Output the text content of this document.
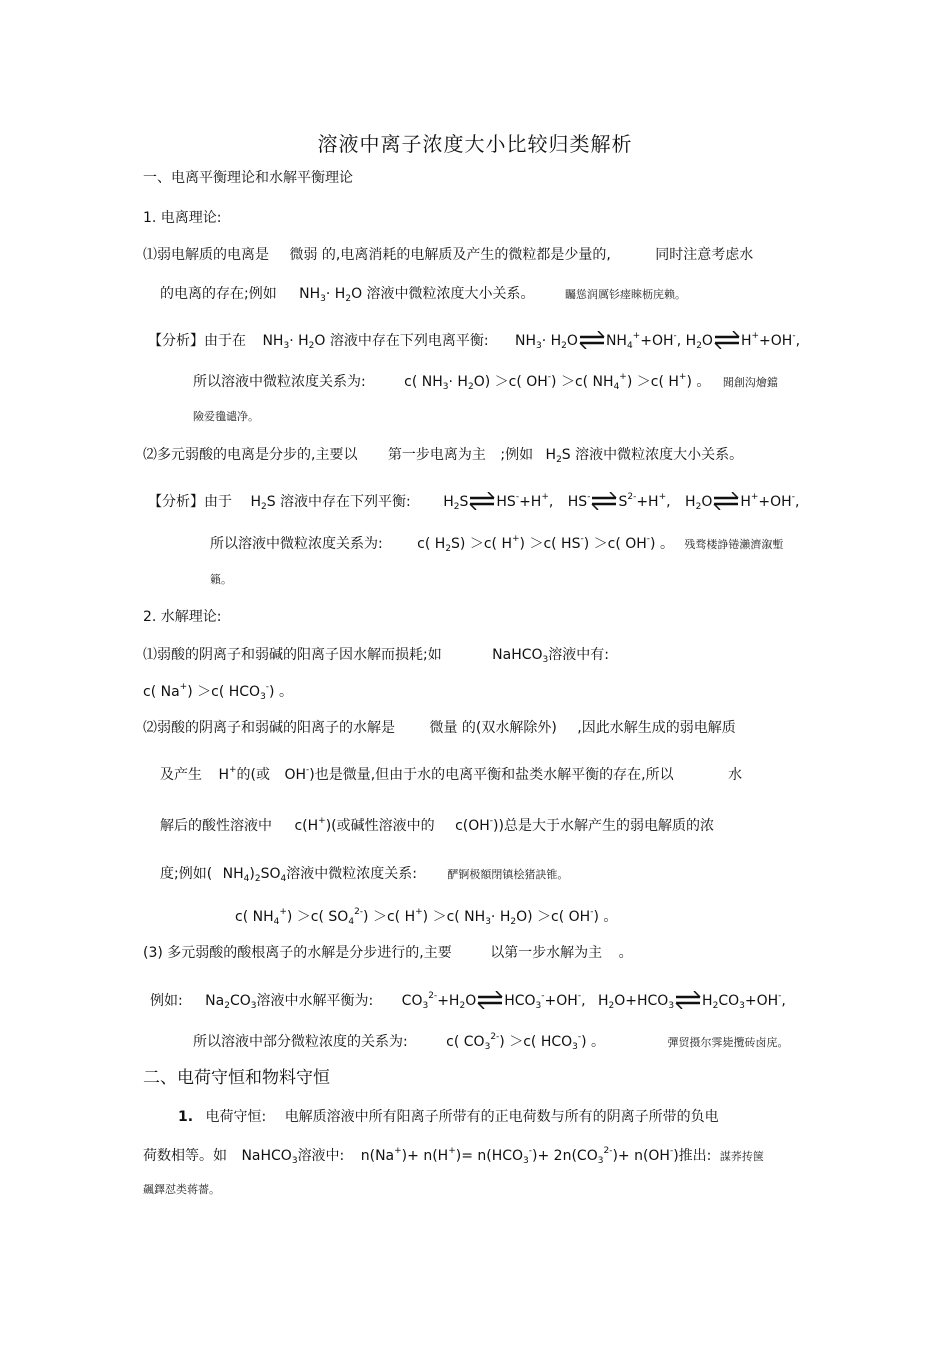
溶液中离子浓度大小比较归类解析
一、电离平衡理论和水解平衡理论
1. 电离理论:
⑴弱电解质的电离是 微弱 的,电离消耗的电解质及产生的微粒都是少量的,	同时注意考虑水
的电离的存在;例如 $NH_3\cdot H_2O$ 溶液中微粒浓度大小关系。	矚慫润厲钐瘗睞枥庑赖。
【分析】由于在 $NH_3\cdot H_2O$ 溶液中存在下列电离平衡: $NH_3\cdot$ $H_2O\rightleftharpoons NH_4^++OH^-$, $H_2O\rightleftharpoons H^++OH^-$,
所以溶液中微粒浓度关系为:	c( $NH_3\cdot H_2O) >c$( OH-) ＞c( $NH_4^+) >c$( H+) 。 聞創沟燴鐺
險爱氇谴净。
⑵多元弱酸的电离是分步的,主要以 第一步电离为主 ;例如 $H_2S$ 溶液中微粒浓度大小关系。
【分析】由于 $H_2S$ 溶液中存在下列平衡: $H_2S\rightleftharpoons HS^-+H^+$, $HS^-\rightleftharpoons S^{2-}+H^+$, $H_2O\rightleftharpoons H^++OH^-$,
所以溶液中微粒浓度关系为: c( $H_2S) >c$( H+) ＞c( HS-) ＞c( OH-) 。 残骛楼諍锩瀨濟溆塹
籟。
2. 水解理论:
⑴弱酸的阴离子和弱碱的阳离子因水解而损耗;如	NaHCO$_3$溶液中有:
c( Na+) ＞c( $HCO_3^-$) 。
⑵弱酸的阴离子和弱碱的阳离子的水解是 微量 的(双水解除外) ,因此水解生成的弱电解质
及产生 H+的(或 OH-)也是微量,但由于水的电离平衡和盐类水解平衡的存在,所以	水
解后的酸性溶液中 c(H+)(或碱性溶液中的 c(OH-))总是大于水解产生的弱电解质的浓
度;例如( $NH_4)_2SO_4$溶液中微粒浓度关系:	酽锕极額閉镇桧猪訣锥。
c( $NH_4^+) >c$( $SO_4^{2-}) >c$( H+) ＞c( $NH_3\cdot H_2O) >c$( OH-) 。
(3) 多元弱酸的酸根离子的水解是分步进行的,主要	以第一步水解为主 。
例如: $Na_2CO_3$溶液中水解平衡为: $CO_3^{2-}+H_2O\rightleftharpoons HCO_3^-+OH^-$, $H_2O+HCO_3\rightleftharpoons H_2CO_3+OH^-$,
所以溶液中部分微粒浓度的关系为:	c( $CO_3^{2-}) >c$( $HCO_3^-$) 。	彈贸摄尔霁毙攬砖卤庑。
二、电荷守恒和物料守恒
1. 电荷守恒: 电解质溶液中所有阳离子所带有的正电荷数与所有的阴离子所带的负电
荷数相等。如 NaHCO$_3$溶液中: $n(Na^+)+ n(H^+)= n(HCO_3^-)+ 2n(CO_3^{2-})+ n(OH^-)$推出: 謀荞抟箧
飆鐸怼类蒋薔。
